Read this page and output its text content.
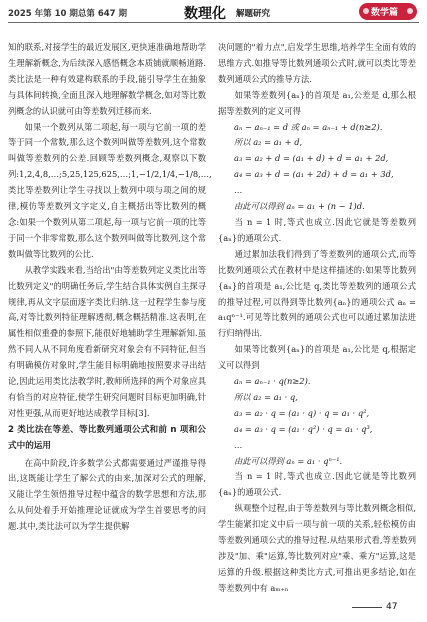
2025 年第 10 期总第 647 期	数理化 解题研究	数学篇

知的联系,对接学生的最近发展区,更快速准确地帮助学生理解新概念,为后续深入感悟概念本质铺就顺畅道路.类比法是一种有效建构联系的手段,能引导学生在抽象与具体间转换,全面且深入地理解数学概念,如对等比数列概念的认识就可由等差数列迁移而来.

如果一个数列从第二项起,每一项与它前一项的差等于同一个常数,那么这个数列叫做等差数列,这个常数叫做等差数列的公差.回顾等差数列概念,观察以下数列:1,2,4,8,…;5,25,125,625,…;1,−1/2,1/4,−1/8,…,类比等差数列让学生寻找以上数列中项与项之间的规律,模仿等差数列文字定义,自主概括出等比数列的概念:如果一个数列从第二项起,每一项与它前一项的比等于同一个非零常数,那么这个数列叫做等比数列,这个常数叫做等比数列的公比.

从教学实践来看,当给出"由等差数列定义类比出等比数列定义"的明确任务后,学生结合具体实例自主探寻规律,再从文字层面逐字类比归纳.这一过程学生参与度高,对等比数列特征理解透彻,概念概括精准.这表明,在属性相似重叠的参照下,能很好地辅助学生理解新知.虽然不同人从不同角度看新研究对象会有不同特征,但当有明确模仿对象时,学生能目标明确地按照要求寻出结论,因此运用类比法教学时,教师所选择的两个对象应具有恰当的对应特征,使学生研究问题时目标更加明确,针对性更强,从而更好地达成教学目标[3].

2 类比法在等差、等比数列通项公式和前 n 项和公式中的运用

在高中阶段,许多数学公式都需要通过严谨推导得出,这既能让学生了解公式的由来,加深对公式的理解,又能让学生领悟推导过程中蕴含的数学思想和方法,那么从何处着手开始推理论证就成为学生首要思考的问题.其中,类比法可以为学生提供解

决问题的"着力点",启发学生思维,培养学生全面有效的思维方式.如推导等比数列通项公式时,就可以类比等差数列通项公式的推导方法.

如果等差数列{aₙ}的首项是 a₁,公差是 d,那么根据等差数列的定义可得

aₙ − aₙ₋₁ = d 或 aₙ = aₙ₋₁ + d(n≥2).

所以 a₂ = a₁ + d,

a₃ = a₂ + d = (a₁ + d) + d = a₁ + 2d,

a₄ = a₃ + d = (a₁ + 2d) + d = a₁ + 3d,

…

由此可以得到 aₙ = a₁ + (n − 1)d.

当 n = 1 时,等式也成立.因此它就是等差数列{aₙ}的通项公式.

通过累加法我们得到了等差数列的通项公式,而等比数列通项公式在教材中是这样描述的:如果等比数列{aₙ}的首项是 a₁,公比是 q,类比等差数列的通项公式的推导过程,可以得到等比数列{aₙ}的通项公式 aₙ = a₁qⁿ⁻¹.可见等比数列的通项公式也可以通过累加法进行归纳得出.

如果等比数列{aₙ}的首项是 a₁,公比是 q,根据定义可以得到

aₙ = aₙ₋₁ · q(n≥2).

所以 a₂ = a₁ · q,

a₃ = a₂ · q = (a₁ · q) · q = a₁ · q²,

a₄ = a₃ · q = (a₁ · q²) · q = a₁ · q³,

…

由此可以得到 aₙ = a₁ · qⁿ⁻¹.

当 n = 1 时,等式也成立.因此它就是等比数列{aₙ}的通项公式.

纵观整个过程,由于等差数列与等比数列概念相似,学生能紧扣定义中后一项与前一项的关系,轻松模仿由等差数列通项公式的推导过程.从结果形式看,等差数列涉及"加、乘"运算,等比数列对应"乘、乘方"运算,这是运算的升级.根据这种类比方式,可推出更多结论,如在等差数列中有 aₘ₊ₙ

47
